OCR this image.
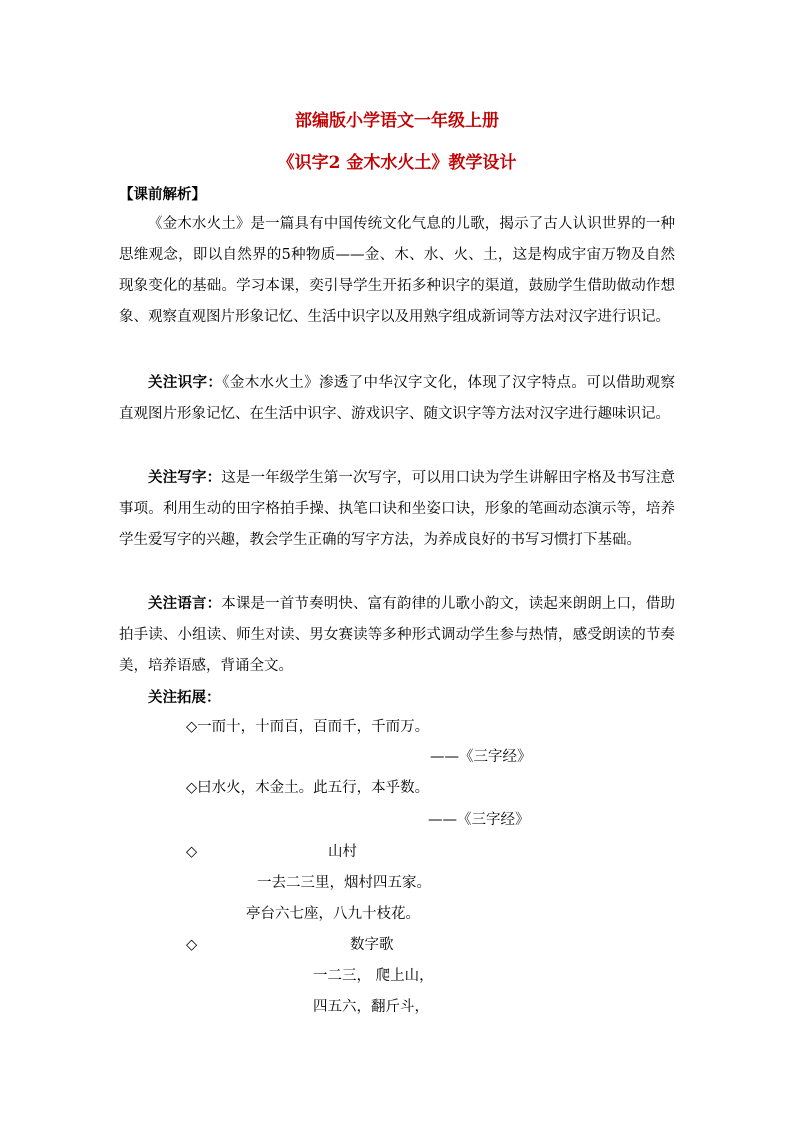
部编版小学语文一年级上册
《识字2 金木水火土》教学设计
【课前解析】
《金木水火土》是一篇具有中国传统文化气息的儿歌，揭示了古人认识世界的一种思维观念，即以自然界的5种物质——金、木、水、火、土，这是构成宇宙万物及自然现象变化的基础。学习本课，奕引导学生开拓多种识字的渠道，鼓励学生借助做动作想象、观察直观图片形象记忆、生活中识字以及用熟字组成新词等方法对汉字进行识记。
关注识字：《金木水火土》渗透了中华汉字文化，体现了汉字特点。可以借助观察直观图片形象记忆、在生活中识字、游戏识字、随文识字等方法对汉字进行趣味识记。
关注写字：这是一年级学生第一次写字，可以用口诀为学生讲解田字格及书写注意事项。利用生动的田字格拍手操、执笔口诀和坐姿口诀，形象的笔画动态演示等，培养学生爱写字的兴趣，教会学生正确的写字方法，为养成良好的书写习惯打下基础。
关注语言：本课是一首节奏明快、富有韵律的儿歌小韵文，读起来朗朗上口，借助拍手读、小组读、师生对读、男女赛读等多种形式调动学生参与热情，感受朗读的节奏美，培养语感，背诵全文。
关注拓展：
◇一而十，十而百，百而千，千而万。
——《三字经》
◇曰水火，木金土。此五行，本乎数。
——《三字经》
◇	山村
一去二三里，烟村四五家。
亭台六七座，八九十枝花。
◇	数字歌
一二三， 爬上山，
四五六，翻斤斗，
